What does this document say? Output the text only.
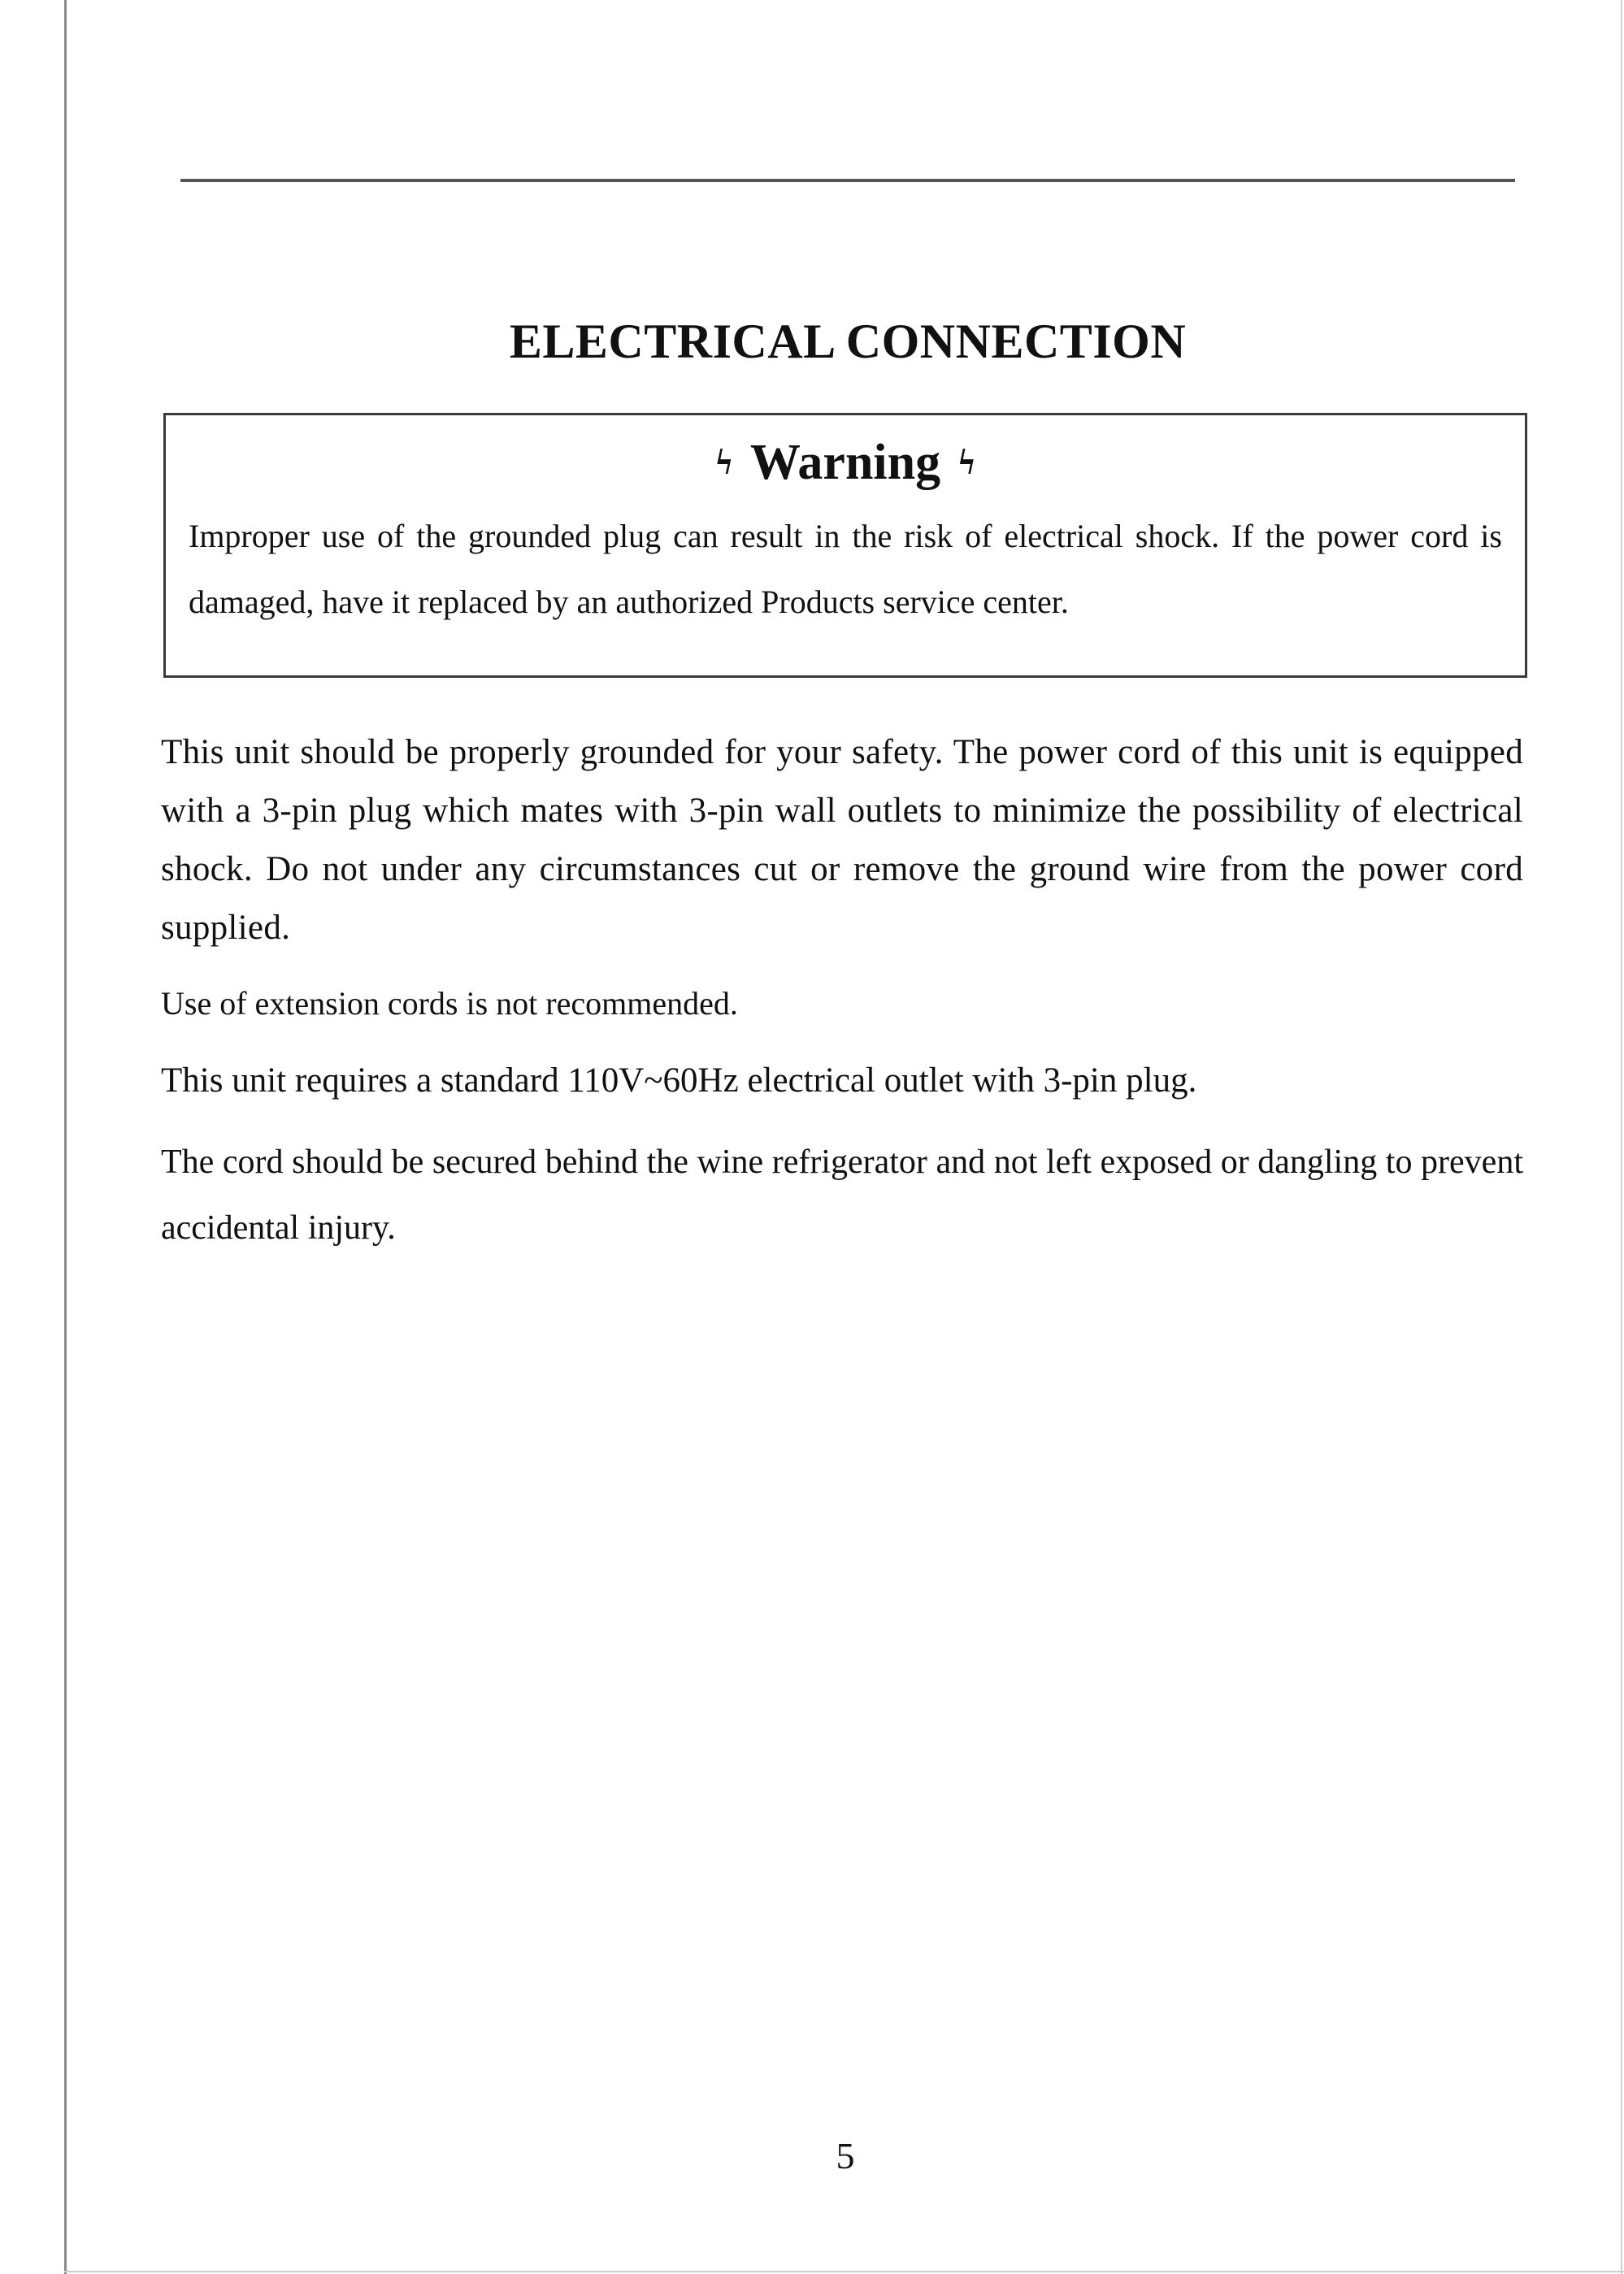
ELECTRICAL CONNECTION
ϟ Warning ϟ
Improper use of the grounded plug can result in the risk of electrical shock. If the power cord is damaged, have it replaced by an authorized Products service center.

This unit should be properly grounded for your safety. The power cord of this unit is equipped with a 3-pin plug which mates with 3-pin wall outlets to minimize the possibility of electrical shock. Do not under any circumstances cut or remove the ground wire from the power cord supplied.

Use of extension cords is not recommended.

This unit requires a standard 110V~60Hz electrical outlet with 3-pin plug.

The cord should be secured behind the wine refrigerator and not left exposed or dangling to prevent accidental injury.

5
